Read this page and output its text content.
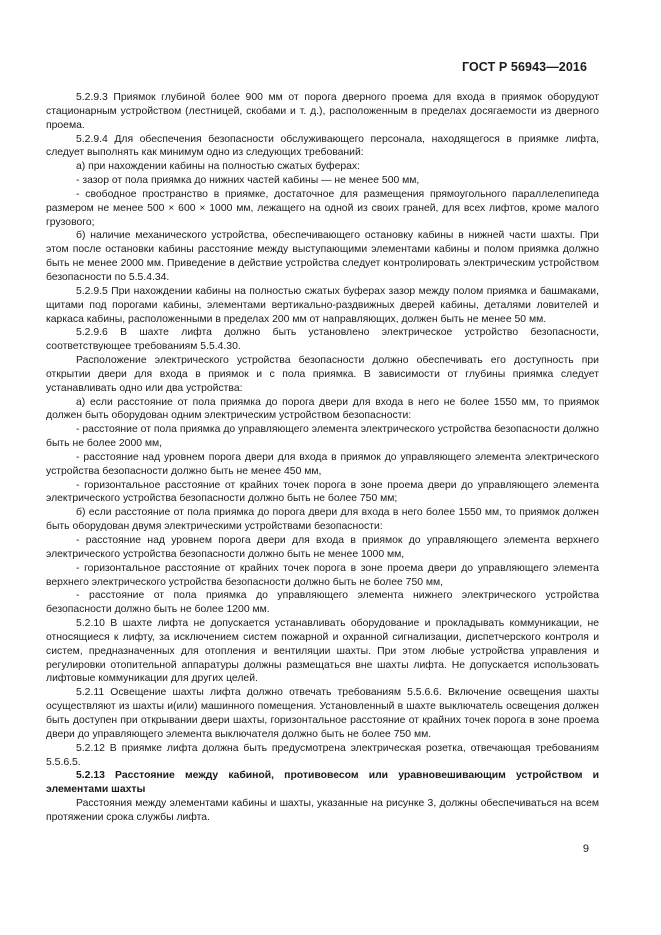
ГОСТ Р 56943—2016

5.2.9.3 Приямок глубиной более 900 мм от порога дверного проема для входа в приямок оборудуют стационарным устройством (лестницей, скобами и т. д.), расположенным в пределах досягаемости из дверного проема.

5.2.9.4 Для обеспечения безопасности обслуживающего персонала, находящегося в приямке лифта, следует выполнять как минимум одно из следующих требований:

а) при нахождении кабины на полностью сжатых буферах:

- зазор от пола приямка до нижних частей кабины — не менее 500 мм,

- свободное пространство в приямке, достаточное для размещения прямоугольного параллелепипеда размером не менее 500 × 600 × 1000 мм, лежащего на одной из своих граней, для всех лифтов, кроме малого грузового;

б) наличие механического устройства, обеспечивающего остановку кабины в нижней части шахты. При этом после остановки кабины расстояние между выступающими элементами кабины и полом приямка должно быть не менее 2000 мм. Приведение в действие устройства следует контролировать электрическим устройством безопасности по 5.5.4.34.

5.2.9.5 При нахождении кабины на полностью сжатых буферах зазор между полом приямка и башмаками, щитами под порогами кабины, элементами вертикально-раздвижных дверей кабины, деталями ловителей и каркаса кабины, расположенными в пределах 200 мм от направляющих, должен быть не менее 50 мм.

5.2.9.6 В шахте лифта должно быть установлено электрическое устройство безопасности, соответствующее требованиям 5.5.4.30.

Расположение электрического устройства безопасности должно обеспечивать его доступность при открытии двери для входа в приямок и с пола приямка. В зависимости от глубины приямка следует устанавливать одно или два устройства:

а) если расстояние от пола приямка до порога двери для входа в него не более 1550 мм, то приямок должен быть оборудован одним электрическим устройством безопасности:

- расстояние от пола приямка до управляющего элемента электрического устройства безопасности должно быть не более 2000 мм,

- расстояние над уровнем порога двери для входа в приямок до управляющего элемента электрического устройства безопасности должно быть не менее 450 мм,

- горизонтальное расстояние от крайних точек порога в зоне проема двери до управляющего элемента электрического устройства безопасности должно быть не более 750 мм;

б) если расстояние от пола приямка до порога двери для входа в него более 1550 мм, то приямок должен быть оборудован двумя электрическими устройствами безопасности:

- расстояние над уровнем порога двери для входа в приямок до управляющего элемента верхнего электрического устройства безопасности должно быть не менее 1000 мм,

- горизонтальное расстояние от крайних точек порога в зоне проема двери до управляющего элемента верхнего электрического устройства безопасности должно быть не более 750 мм,

- расстояние от пола приямка до управляющего элемента нижнего электрического устройства безопасности должно быть не более 1200 мм.

5.2.10 В шахте лифта не допускается устанавливать оборудование и прокладывать коммуникации, не относящиеся к лифту, за исключением систем пожарной и охранной сигнализации, диспетчерского контроля и систем, предназначенных для отопления и вентиляции шахты. При этом любые устройства управления и регулировки отопительной аппаратуры должны размещаться вне шахты лифта. Не допускается использовать лифтовые коммуникации для других целей.

5.2.11 Освещение шахты лифта должно отвечать требованиям 5.5.6.6. Включение освещения шахты осуществляют из шахты и(или) машинного помещения. Установленный в шахте выключатель освещения должен быть доступен при открывании двери шахты, горизонтальное расстояние от крайних точек порога в зоне проема двери до управляющего элемента выключателя должно быть не более 750 мм.

5.2.12 В приямке лифта должна быть предусмотрена электрическая розетка, отвечающая требованиям 5.5.6.5.

5.2.13 Расстояние между кабиной, противовесом или уравновешивающим устройством и элементами шахты

Расстояния между элементами кабины и шахты, указанные на рисунке 3, должны обеспечиваться на всем протяжении срока службы лифта.

9
